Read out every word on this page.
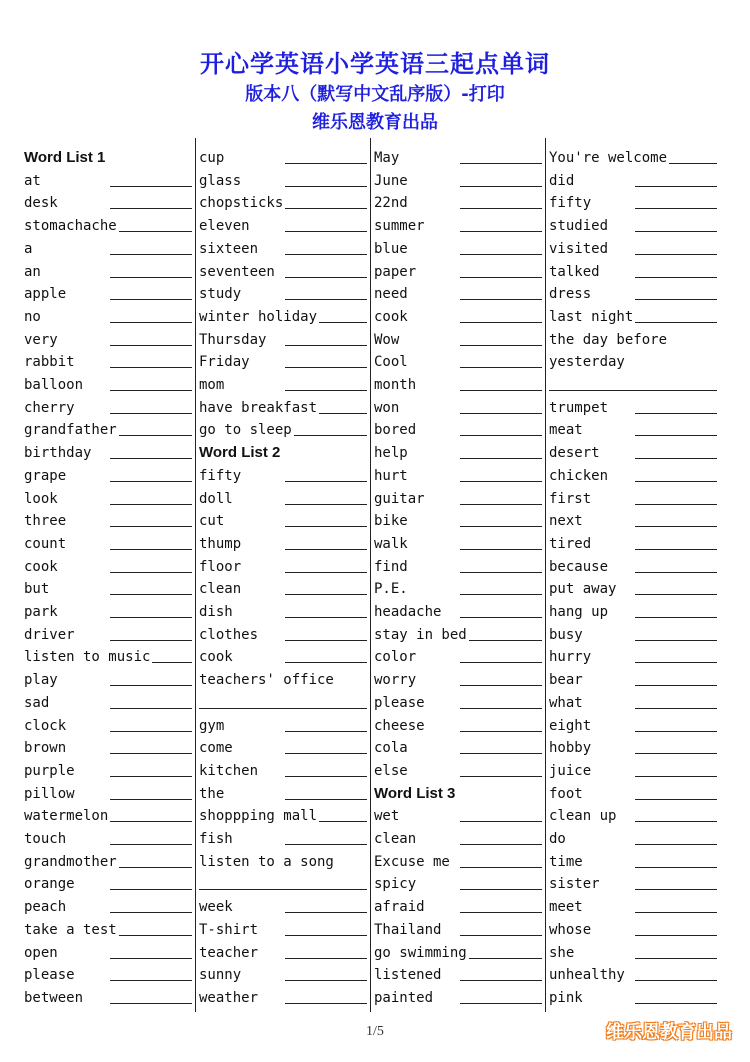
开心学英语小学英语三起点单词
版本八（默写中文乱序版）-打印
维乐恩教育出品
Word List 1
at
desk
stomachache
a
an
apple
no
very
rabbit
balloon
cherry
grandfather
birthday
grape
look
three
count
cook
but
park
driver
listen to music
play
sad
clock
brown
purple
pillow
watermelon
touch
grandmother
orange
peach
take a test
open
please
between
cup
glass
chopsticks
eleven
sixteen
seventeen
study
winter holiday
Thursday
Friday
mom
have breakfast
go to sleep
Word List 2
fifty
doll
cut
thump
floor
clean
dish
clothes
cook
teachers' office
gym
come
kitchen
the
shoppping mall
fish
listen to a song
week
T-shirt
teacher
sunny
weather
May
June
22nd
summer
blue
paper
need
cook
Wow
Cool
month
won
bored
help
hurt
guitar
bike
walk
find
P.E.
headache
stay in bed
color
worry
please
cheese
cola
else
Word List 3
wet
clean
Excuse me
spicy
afraid
Thailand
go swimming
listened
painted
You're welcome
did
fifty
studied
visited
talked
dress
last night
the day before
yesterday
trumpet
meat
desert
chicken
first
next
tired
because
put away
hang up
busy
hurry
bear
what
eight
hobby
juice
foot
clean up
do
time
sister
meet
whose
she
unhealthy
pink
1/5	维乐恩教育出品
